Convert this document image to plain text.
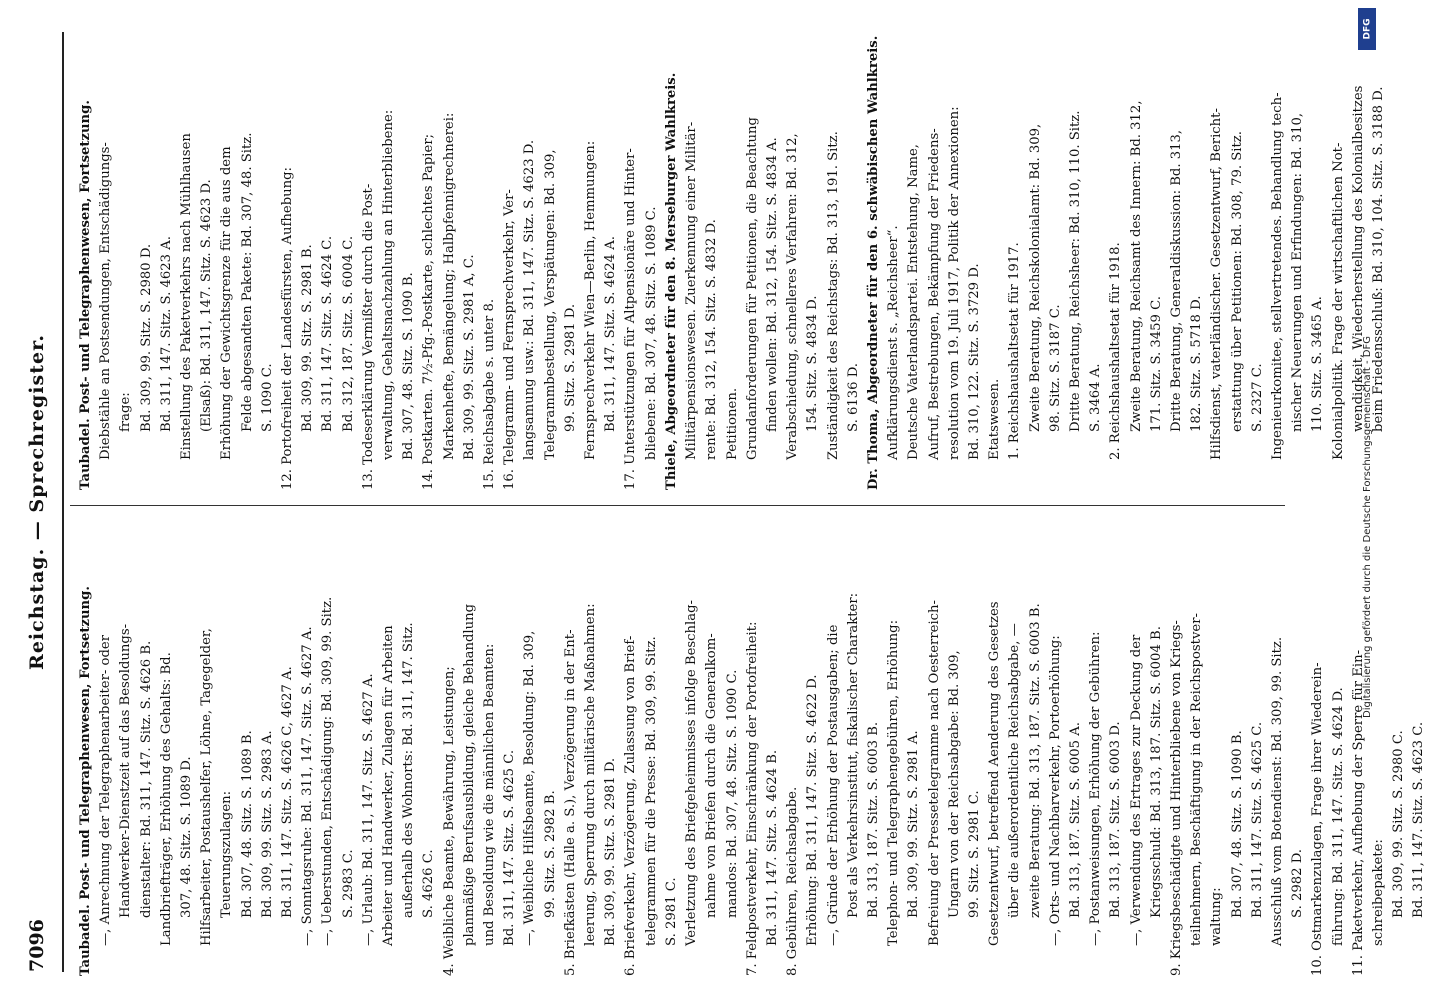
7096
Reichstag. — Sprechregister.
Taubadel. Post- und Telegraphenwesen, Fortsetzung. —, Anrechnung der Telegraphenarbeiter- oder Handwerker-Dienstzeit auf das Besoldungs- dienstalter: Bd. 311, 147. Sitz. S. 4626 B. Landbriefträger, Erhöhung des Gehalts: Bd. 307, 48. Sitz. S. 1089 D. Hilfsarbeiter, Postaushelfer, Löhne, Tagegelder, Teuerungszulagen: Bd. 307, 48. Sitz. S. 1089 B. Bd. 309, 99. Sitz. S. 2983 A. Bd. 311, 147. Sitz. S. 4626 C, 4627 A. —, Sonntagsruhe: Bd. 311, 147. Sitz. S. 4627 A. —, Ueberstunden, Entschädigung: Bd. 309, 99. Sitz. S. 2983 C. —, Urlaub: Bd. 311, 147. Sitz. S. 4627 A. Arbeiter und Handwerker, Zulagen für Arbeiten außerhalb des Wohnorts: Bd. 311, 147. Sitz. S. 4626 C. 4. Weibliche Beamte, Bewährung, Leistungen; planmäßige Berufsausbildung, gleiche Behandlung und Besoldung wie die männlichen Beamten: Bd. 311, 147. Sitz. S. 4625 C. —, Weibliche Hilfsbeamte, Besoldung: Bd. 309, 99. Sitz. S. 2982 B. 5. Briefkästen (Halle a. S.), Verzögerung in der Ent- leerung, Sperrung durch militärische Maßnahmen: Bd. 309, 99. Sitz. S. 2981 D. 6. Briefverkehr, Verzögerung, Zulassung von Brief- telegrammen für die Presse: Bd. 309, 99. Sitz. S. 2981 C. Verletzung des Briefgeheimnisses infolge Beschlag- nahme von Briefen durch die Generalkom- mandos: Bd. 307, 48. Sitz. S. 1090 C. 7. Feldpostverkehr, Einschränkung der Portofreiheit: Bd. 311, 147. Sitz. S. 4624 B. 8. Gebühren, Reichsabgabe. Erhöhung: Bd. 311, 147. Sitz. S. 4622 D. —, Gründe der Erhöhung der Postausgaben; die Post als Verkehrsinstitut, fiskalischer Charakter: Bd. 313, 187. Sitz. S. 6003 B. Telephon- und Telegraphengebühren, Erhöhung: Bd. 309, 99. Sitz. S. 2981 A. Befreiung der Pressetelegramme nach Oesterreich- Ungarn von der Reichsabgabe: Bd. 309, 99. Sitz. S. 2981 C. Gesetzentwurf, betreffend Aenderung des Gesetzes über die außerordentliche Reichsabgabe, — zweite Beratung: Bd. 313, 187. Sitz. S. 6003 B. —, Orts- und Nachbarverkehr, Portoerhöhung: Bd. 313, 187. Sitz. S. 6005 A. —, Postanweisungen, Erhöhung der Gebühren: Bd. 313, 187. Sitz. S. 6003 D. —, Verwendung des Ertrages zur Deckung der Kriegsschuld: Bd. 313, 187. Sitz. S. 6004 B. 9. Kriegsbeschädigte und Hinterbliebene von Kriegs- teilnehmern, Beschäftigung in der Reichspostver- waltung: Bd. 307, 48. Sitz. S. 1090 B. Bd. 311, 147. Sitz. S. 4625 C. Ausschluß vom Botendienst: Bd. 309, 99. Sitz. S. 2982 D. 10. Ostmarkenzulagen, Frage ihrer Wiederein- führung: Bd. 311, 147. Sitz. S. 4624 D. 11. Paketverkehr, Aufhebung der Sperre für Ein- schreibepakete: Bd. 309, 99. Sitz. S. 2980 C. Bd. 311, 147. Sitz. S. 4623 C.
Taubadel. Post- und Telegraphenwesen, Fortsetzung. Diebstähle an Postsendungen, Entschädigungs- frage: Bd. 309, 99. Sitz. S. 2980 D. Bd. 311, 147. Sitz. S. 4623 A. Einstellung des Paketverkehrs nach Mühlhausen (Elsaß): Bd. 311, 147. Sitz. S. 4623 D. Erhöhung der Gewichtsgrenze für die aus dem Felde abgesandten Pakete: Bd. 307, 48. Sitz. S. 1090 C. 12. Portofreiheit der Landesfürsten, Aufhebung: Bd. 309, 99. Sitz. S. 2981 B. Bd. 311, 147. Sitz. S. 4624 C. Bd. 312, 187. Sitz. S. 6004 C. 13. Todeserklärung Vermißter durch die Post- verwaltung, Gehaltsnachzahlung an Hinterbliebene: Bd. 307, 48. Sitz. S. 1090 B. 14. Postkarten. 7½-Pfg.-Postkarte, schlechtes Papier; Markenhefte, Bemängelung; Halbpfennigrechnerei: Bd. 309, 99. Sitz. S. 2981 A, C. 15. Reichsabgabe s. unter 8. 16. Telegramm- und Fernsprechverkehr, Ver- langsamung usw.: Bd. 311, 147. Sitz. S. 4623 D. Telegrammbestellung, Verspätungen: Bd. 309, 99. Sitz. S. 2981 D. Fernsprechverkehr Wien—Berlin, Hemmungen: Bd. 311, 147. Sitz. S. 4624 A. 17. Unterstützungen für Altpensionäre und Hinter- bliebene: Bd. 307, 48. Sitz. S. 1089 C. Thiele, Abgeordneter für den 8. Merseburger Wahlkreis. Militärpensionswesen. Zuerkennung einer Militär- rente: Bd. 312, 154. Sitz. S. 4832 D. Petitionen. Grundanforderungen für Petitionen, die Beachtung finden wollen: Bd. 312, 154. Sitz. S. 4834 A. Verabschiedung, schnelleres Verfahren: Bd. 312, 154. Sitz. S. 4834 D. Zuständigkeit des Reichstags: Bd. 313, 191. Sitz. S. 6136 D. Dr. Thoma, Abgeordneter für den 6. schwäbischen Wahlkreis. Aufklärungsdienst s. „Reichsheer“. Deutsche Vaterlandspartei. Entstehung, Name, Aufruf, Bestrebungen, Bekämpfung der Friedens- resolution vom 19. Juli 1917, Politik der Annexionen: Bd. 310, 122. Sitz. S. 3729 D. Etatswesen. 1. Reichshaushaltsetat für 1917. Zweite Beratung, Reichskolonialamt: Bd. 309, 98. Sitz. S. 3187 C. Dritte Beratung, Reichsheer: Bd. 310, 110. Sitz. S. 3464 A. 2. Reichshaushaltsetat für 1918. Zweite Beratung, Reichsamt des Innern: Bd. 312, 171. Sitz. S. 3459 C. Dritte Beratung, Generaldiskussion: Bd. 313, 182. Sitz. S. 5718 D. Hilfsdienst, vaterländischer. Gesetzentwurf, Bericht- erstattung über Petitionen: Bd. 308, 79. Sitz. S. 2327 C. Ingenieurkomitee, stellvertretendes. Behandlung tech- nischer Neuerungen und Erfindungen: Bd. 310, 110. Sitz. S. 3465 A. Kolonialpolitik. Frage der wirtschaftlichen Not- wendigkeit, Wiederherstellung des Kolonialbesitzes beim Friedensschluß: Bd. 310, 104. Sitz. S. 3188 D.
DFG
Digitalisierung gefördert durch die Deutsche Forschungsgemeinschaft - DFG
